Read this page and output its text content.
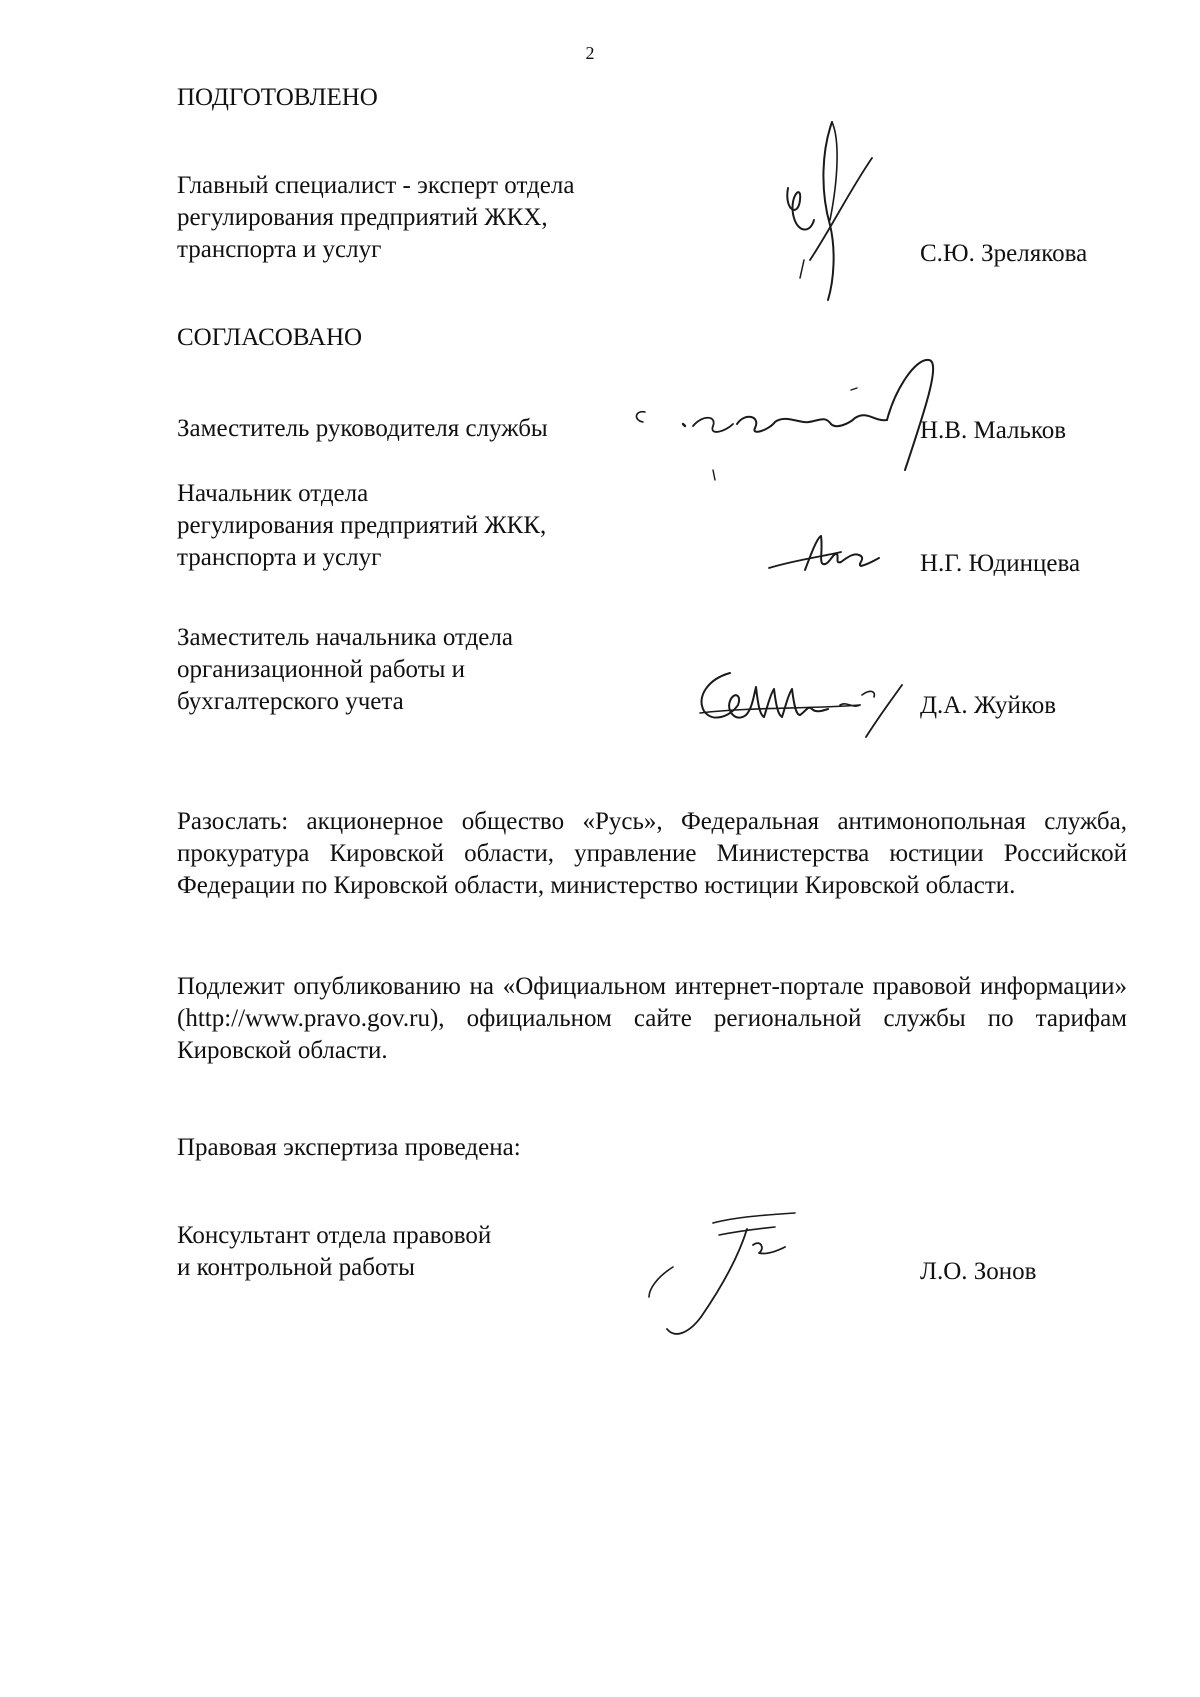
2
ПОДГОТОВЛЕНО
Главный специалист - эксперт отдела
регулирования предприятий ЖКХ,
транспорта и услуг	С.Ю. Зрелякова
СОГЛАСОВАНО
Заместитель руководителя службы	Н.В. Мальков
Начальник отдела
регулирования предприятий ЖКК,
транспорта и услуг	Н.Г. Юдинцева
Заместитель начальника отдела
организационной работы и
бухгалтерского учета	Д.А. Жуйков

Разослать: акционерное общество «Русь», Федеральная антимонопольная служба, прокуратура Кировской области, управление Министерства юстиции Российской Федерации по Кировской области, министерство юстиции Кировской области.

Подлежит опубликованию на «Официальном интернет-портале правовой информации» (http://www.pravo.gov.ru), официальном сайте региональной службы по тарифам Кировской области.

Правовая экспертиза проведена:
Консультант отдела правовой
и контрольной работы	Л.О. Зонов
